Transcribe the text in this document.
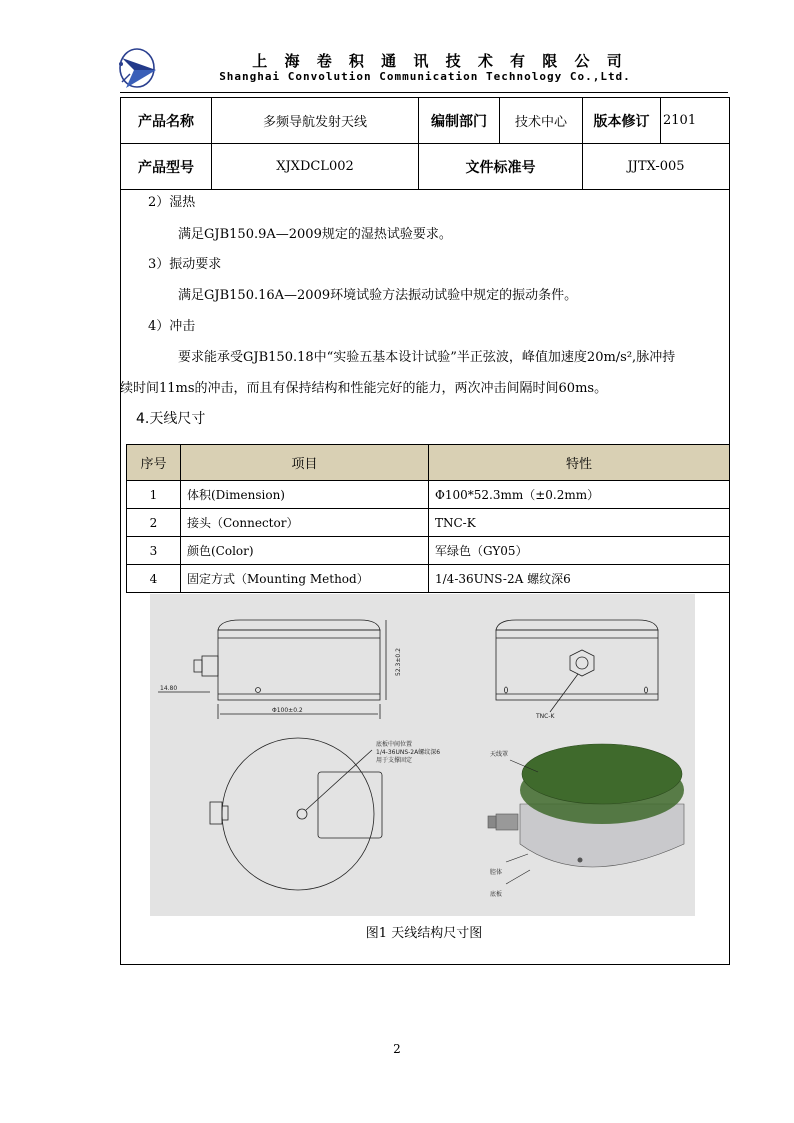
上 海 卷 积 通 讯 技 术 有 限 公 司
Shanghai Convolution Communication Technology Co.,Ltd.
产品名称	多频导航发射天线	编制部门	技术中心	版本修订	2101
产品型号	XJXDCL002	文件标准号		JJTX-005	
2）湿热
满足GJB150.9A—2009规定的湿热试验要求。
3）振动要求
满足GJB150.16A—2009环境试验方法振动试验中规定的振动条件。
4）冲击
要求能承受GJB150.18中“实验五基本设计试验”半正弦波，峰值加速度20m/s²,脉冲持
续时间11ms的冲击，而且有保持结构和性能完好的能力，两次冲击间隔时间60ms。
4.天线尺寸
序号	项目	特性
1	体积(Dimension)	Φ100*52.3mm（±0.2mm）
2	接头（Connector）	TNC-K
3	颜色(Color)	军绿色（GY05）
4	固定方式（Mounting Method）	1/4-36UNS-2A 螺纹深6
52.3±0.2
14.80
Φ100±0.2
TNC-K
底板中间位置
1/4-36UNS-2A螺纹深6
用于支撑固定
天线罩
腔体
底板
图1 天线结构尺寸图
2
